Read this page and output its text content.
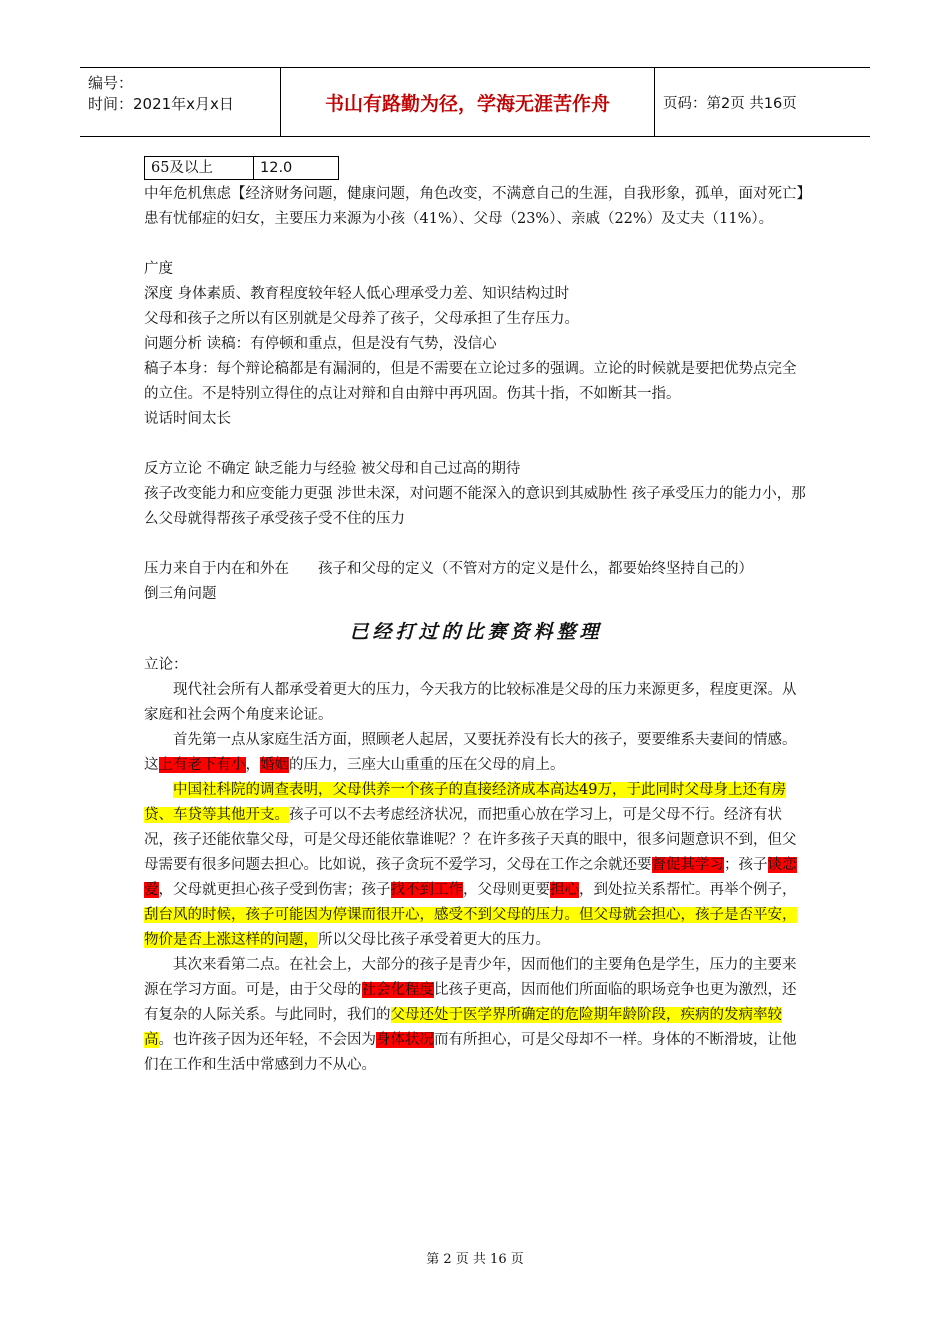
编号：
时间：2021年x月x日	书山有路勤为径，学海无涯苦作舟	页码：第2页 共16页
65及以上	12.0

中年危机焦虑【经济财务问题，健康问题，角色改变，不满意自己的生涯，自我形象，孤单，面对死亡】

患有忧郁症的妇女，主要压力来源为小孩（41%）、父母（23%）、亲戚（22%）及丈夫（11%）。

广度

深度 身体素质、教育程度较年轻人低心理承受力差、知识结构过时

父母和孩子之所以有区别就是父母养了孩子，父母承担了生存压力。

问题分析 读稿：有停顿和重点，但是没有气势，没信心

稿子本身：每个辩论稿都是有漏洞的，但是不需要在立论过多的强调。立论的时候就是要把优势点完全的立住。不是特别立得住的点让对辩和自由辩中再巩固。伤其十指，不如断其一指。

说话时间太长

反方立论 不确定 缺乏能力与经验 被父母和自己过高的期待

孩子改变能力和应变能力更强 涉世未深，对问题不能深入的意识到其威胁性 孩子承受压力的能力小，那么父母就得帮孩子承受孩子受不住的压力

压力来自于内在和外在　　孩子和父母的定义（不管对方的定义是什么，都要始终坚持自己的）

倒三角问题

已经打过的比赛资料整理

立论：

现代社会所有人都承受着更大的压力，今天我方的比较标准是父母的压力来源更多，程度更深。从家庭和社会两个角度来论证。

首先第一点从家庭生活方面，照顾老人起居，又要抚养没有长大的孩子，要要维系夫妻间的情感。这上有老下有小，婚姻的压力，三座大山重重的压在父母的肩上。

中国社科院的调查表明，父母供养一个孩子的直接经济成本高达49万，于此同时父母身上还有房贷、车贷等其他开支。孩子可以不去考虑经济状况，而把重心放在学习上，可是父母不行。经济有状况，孩子还能依靠父母，可是父母还能依靠谁呢？？在许多孩子天真的眼中，很多问题意识不到，但父母需要有很多问题去担心。比如说，孩子贪玩不爱学习，父母在工作之余就还要督促其学习；孩子谈恋爱，父母就更担心孩子受到伤害；孩子找不到工作，父母则更要担心，到处拉关系帮忙。再举个例子，刮台风的时候，孩子可能因为停课而很开心，感受不到父母的压力。但父母就会担心，孩子是否平安，物价是否上涨这样的问题，所以父母比孩子承受着更大的压力。

其次来看第二点。在社会上，大部分的孩子是青少年，因而他们的主要角色是学生，压力的主要来源在学习方面。可是，由于父母的社会化程度比孩子更高，因而他们所面临的职场竞争也更为激烈，还有复杂的人际关系。与此同时，我们的父母还处于医学界所确定的危险期年龄阶段，疾病的发病率较高。也许孩子因为还年轻，不会因为身体状况而有所担心，可是父母却不一样。身体的不断滑坡，让他们在工作和生活中常感到力不从心。

第 2 页 共 16 页
